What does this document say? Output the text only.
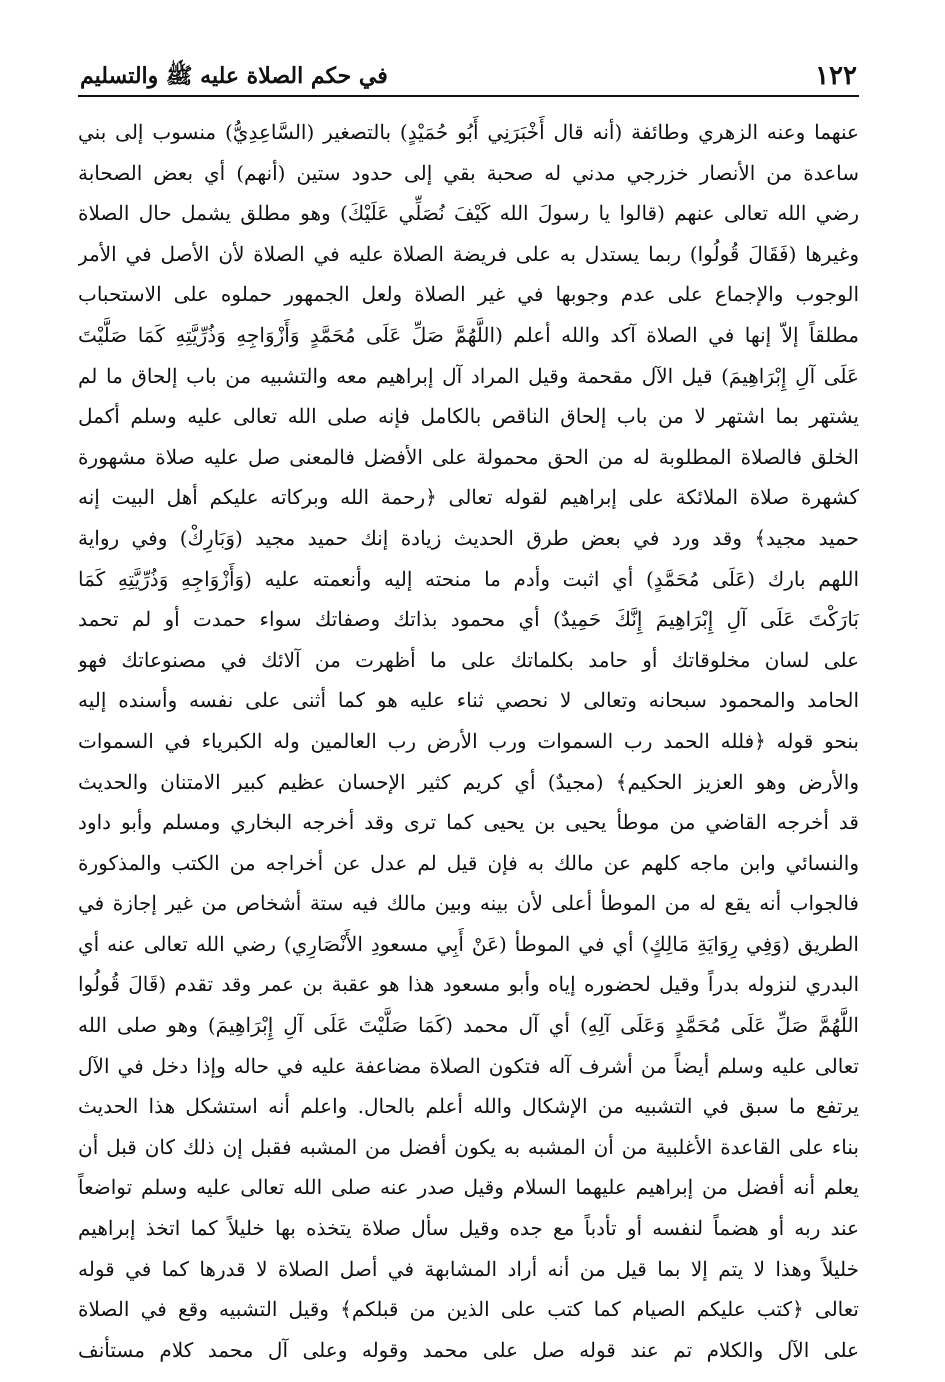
١٢٢
في حكم الصلاة عليه ﷺ والتسليم
عنهما وعنه الزهري وطائفة (أنه قال أَخْبَرَنِي أَبُو حُمَيْدٍ) بالتصغير (السَّاعِدِيُّ) منسوب إلى بني
ساعدة من الأنصار خزرجي مدني له صحبة بقي إلى حدود ستين (أنهم) أي بعض الصحابة
رضي الله تعالى عنهم (قالوا يا رسولَ الله كَيْفَ نُصَلِّي عَلَيْكَ) وهو مطلق يشمل حال الصلاة
وغيرها (فَقَالَ قُولُوا) ربما يستدل به على فريضة الصلاة عليه في الصلاة لأن الأصل في الأمر
الوجوب والإجماع على عدم وجوبها في غير الصلاة ولعل الجمهور حملوه على الاستحباب
مطلقاً إلاّ إنها في الصلاة آكد والله أعلم (اللَّهُمَّ صَلِّ عَلَى مُحَمَّدٍ وَأَزْوَاجِهِ وَذُرِّيَّتِهِ كَمَا صَلَّيْتَ
عَلَى آلِ إِبْرَاهِيمَ) قيل الآل مقحمة وقيل المراد آل إبراهيم معه والتشبيه من باب إلحاق ما لم
يشتهر بما اشتهر لا من باب إلحاق الناقص بالكامل فإنه صلى الله تعالى عليه وسلم أكمل
الخلق فالصلاة المطلوبة له من الحق محمولة على الأفضل فالمعنى صل عليه صلاة مشهورة
كشهرة صلاة الملائكة على إبراهيم لقوله تعالى ﴿رحمة الله وبركاته عليكم أهل البيت إنه
حميد مجيد﴾ وقد ورد في بعض طرق الحديث زيادة إنك حميد مجيد (وَبَارِكْ) وفي رواية
اللهم بارك (عَلَى مُحَمَّدٍ) أي اثبت وأدم ما منحته إليه وأنعمته عليه (وَأَزْوَاجِهِ وَذُرِّيَّتِهِ كَمَا
بَارَكْتَ عَلَى آلِ إِبْرَاهِيمَ إِنَّكَ حَمِيدٌ) أي محمود بذاتك وصفاتك سواء حمدت أو لم تحمد
على لسان مخلوقاتك أو حامد بكلماتك على ما أظهرت من آلائك في مصنوعاتك فهو
الحامد والمحمود سبحانه وتعالى لا نحصي ثناء عليه هو كما أثنى على نفسه وأسنده إليه
بنحو قوله ﴿فلله الحمد رب السموات ورب الأرض رب العالمين وله الكبرياء في السموات
والأرض وهو العزيز الحكيم﴾ (مجيدٌ) أي كريم كثير الإحسان عظيم كبير الامتنان والحديث
قد أخرجه القاضي من موطأ يحيى بن يحيى كما ترى وقد أخرجه البخاري ومسلم وأبو داود
والنسائي وابن ماجه كلهم عن مالك به فإن قيل لم عدل عن أخراجه من الكتب والمذكورة
فالجواب أنه يقع له من الموطأ أعلى لأن بينه وبين مالك فيه ستة أشخاص من غير إجازة في
الطريق (وَفِي رِوَايَةِ مَالِكٍ) أي في الموطأ (عَنْ أَبِي مسعودِ الأَنْصَارِي) رضي الله تعالى عنه أي
البدري لنزوله بدراً وقيل لحضوره إياه وأبو مسعود هذا هو عقبة بن عمر وقد تقدم (قَالَ قُولُوا
اللَّهُمَّ صَلِّ عَلَى مُحَمَّدٍ وَعَلَى آلِهِ) أي آل محمد (كَمَا صَلَّيْتَ عَلَى آلِ إِبْرَاهِيمَ) وهو صلى الله
تعالى عليه وسلم أيضاً من أشرف آله فتكون الصلاة مضاعفة عليه في حاله وإذا دخل في الآل
يرتفع ما سبق في التشبيه من الإشكال والله أعلم بالحال. واعلم أنه استشكل هذا الحديث
بناء على القاعدة الأغلبية من أن المشبه به يكون أفضل من المشبه فقبل إن ذلك كان قبل أن
يعلم أنه أفضل من إبراهيم عليهما السلام وقيل صدر عنه صلى الله تعالى عليه وسلم تواضعاً
عند ربه أو هضماً لنفسه أو تأدباً مع جده وقيل سأل صلاة يتخذه بها خليلاً كما اتخذ إبراهيم
خليلاً وهذا لا يتم إلا بما قيل من أنه أراد المشابهة في أصل الصلاة لا قدرها كما في قوله
تعالى ﴿كتب عليكم الصيام كما كتب على الذين من قبلكم﴾ وقيل التشبيه وقع في الصلاة
على الآل والكلام تم عند قوله صل على محمد وقوله وعلى آل محمد كلام مستأنف
